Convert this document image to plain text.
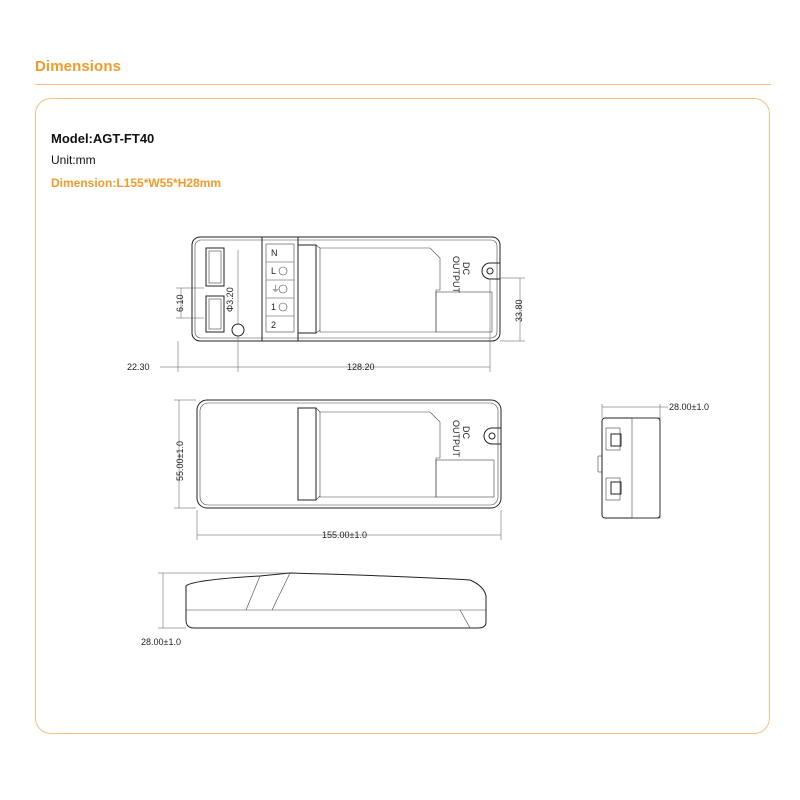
Dimensions
Model:AGT-FT40
Unit:mm
Dimension:L155*W55*H28mm
Φ3.20
N
L
⏚
1
2
OUTPUT DC
6.10	33.80
22.30	128.20
OUTPUT DC
55.00±1.0
155.00±1.0
28.00±1.0
28.00±1.0
